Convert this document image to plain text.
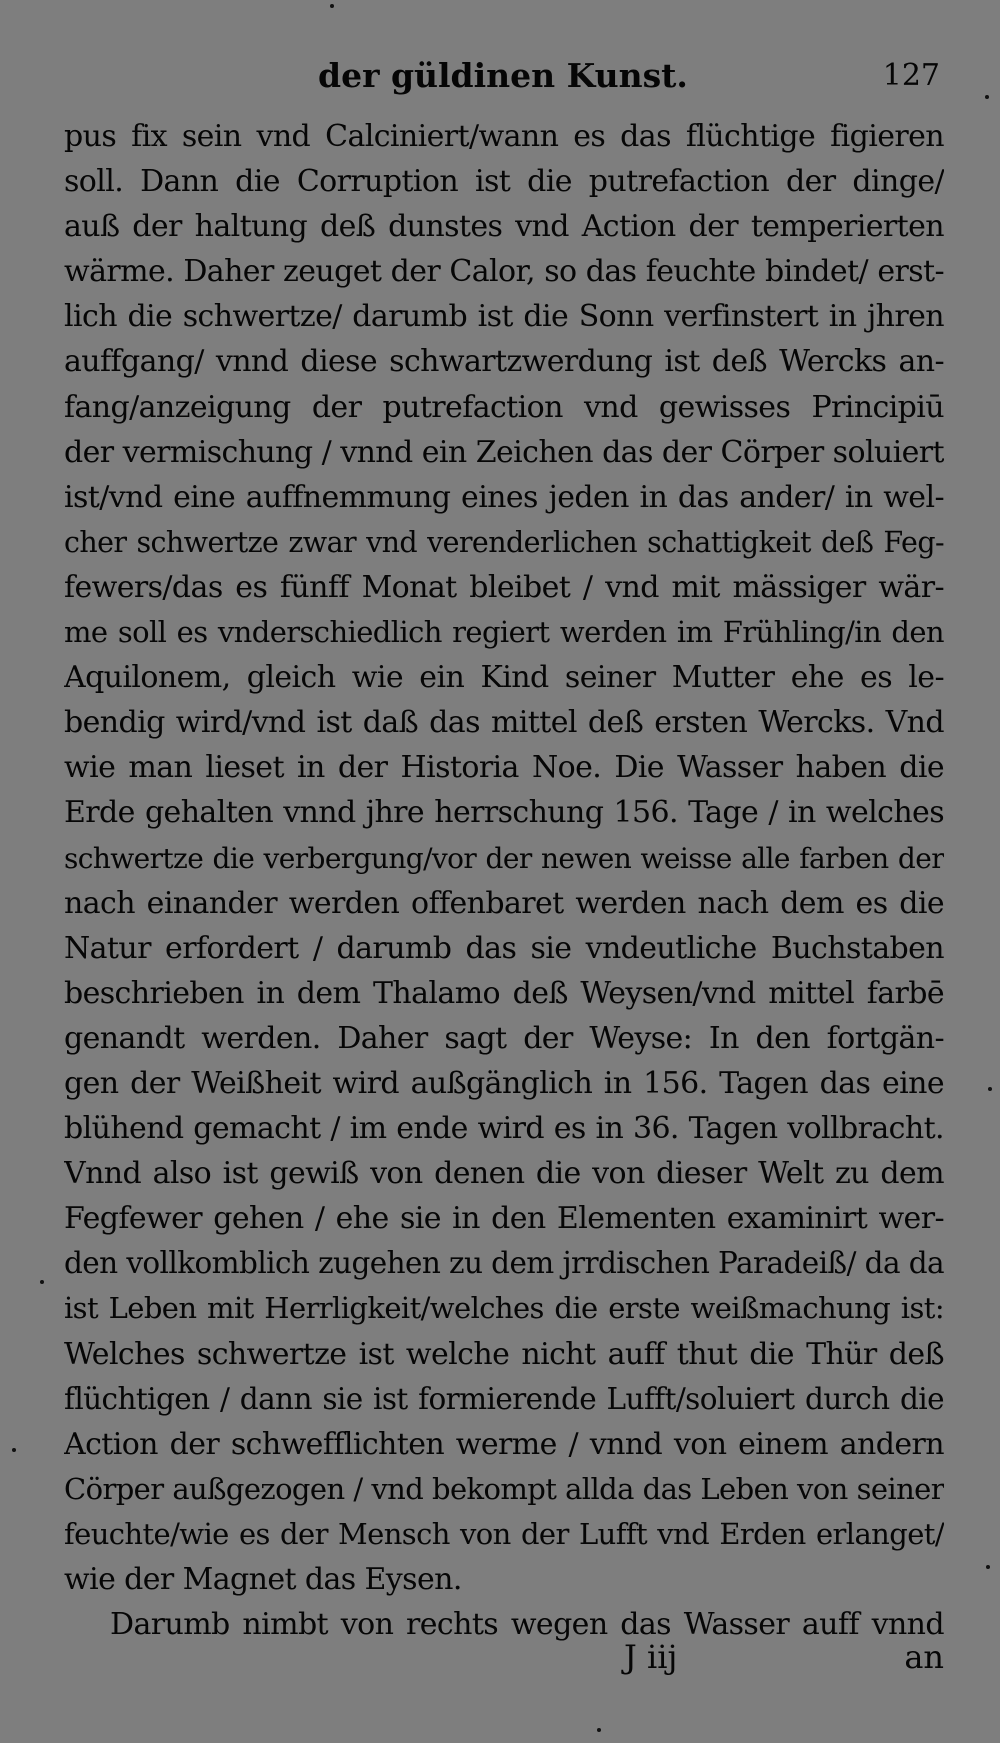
der güldinen Kunst.	127
pus fix sein vnd Calciniert/wann es das flüchtige figieren
soll. Dann die Corruption ist die putrefaction der dinge/
auß der haltung deß dunstes vnd Action der temperierten
wärme. Daher zeuget der Calor, so das feuchte bindet/ erst-
lich die schwertze/ darumb ist die Sonn verfinstert in jhren
auffgang/ vnnd diese schwartzwerdung ist deß Wercks an-
fang/anzeigung der putrefaction vnd gewisses Principiū
der vermischung / vnnd ein Zeichen das der Cörper soluiert
ist/vnd eine auffnemmung eines jeden in das ander/ in wel-
cher schwertze zwar vnd verenderlichen schattigkeit deß Feg-
fewers/das es fünff Monat bleibet / vnd mit mässiger wär-
me soll es vnderschiedlich regiert werden im Frühling/in den
Aquilonem, gleich wie ein Kind seiner Mutter ehe es le-
bendig wird/vnd ist daß das mittel deß ersten Wercks. Vnd
wie man lieset in der Historia Noe. Die Wasser haben die
Erde gehalten vnnd jhre herrschung 156. Tage / in welches
schwertze die verbergung/vor der newen weisse alle farben der
nach einander werden offenbaret werden nach dem es die
Natur erfordert / darumb das sie vndeutliche Buchstaben
beschrieben in dem Thalamo deß Weysen/vnd mittel farbē
genandt werden. Daher sagt der Weyse: In den fortgän-
gen der Weißheit wird außgänglich in 156. Tagen das eine
blühend gemacht / im ende wird es in 36. Tagen vollbracht.
Vnnd also ist gewiß von denen die von dieser Welt zu dem
Fegfewer gehen / ehe sie in den Elementen examinirt wer-
den vollkomblich zugehen zu dem jrrdischen Paradeiß/ da da
ist Leben mit Herrligkeit/welches die erste weißmachung ist:
Welches schwertze ist welche nicht auff thut die Thür deß
flüchtigen / dann sie ist formierende Lufft/soluiert durch die
Action der schwefflichten werme / vnnd von einem andern
Cörper außgezogen / vnd bekompt allda das Leben von seiner
feuchte/wie es der Mensch von der Lufft vnd Erden erlanget/
wie der Magnet das Eysen.
Darumb nimbt von rechts wegen das Wasser auff vnnd
J iij	an
